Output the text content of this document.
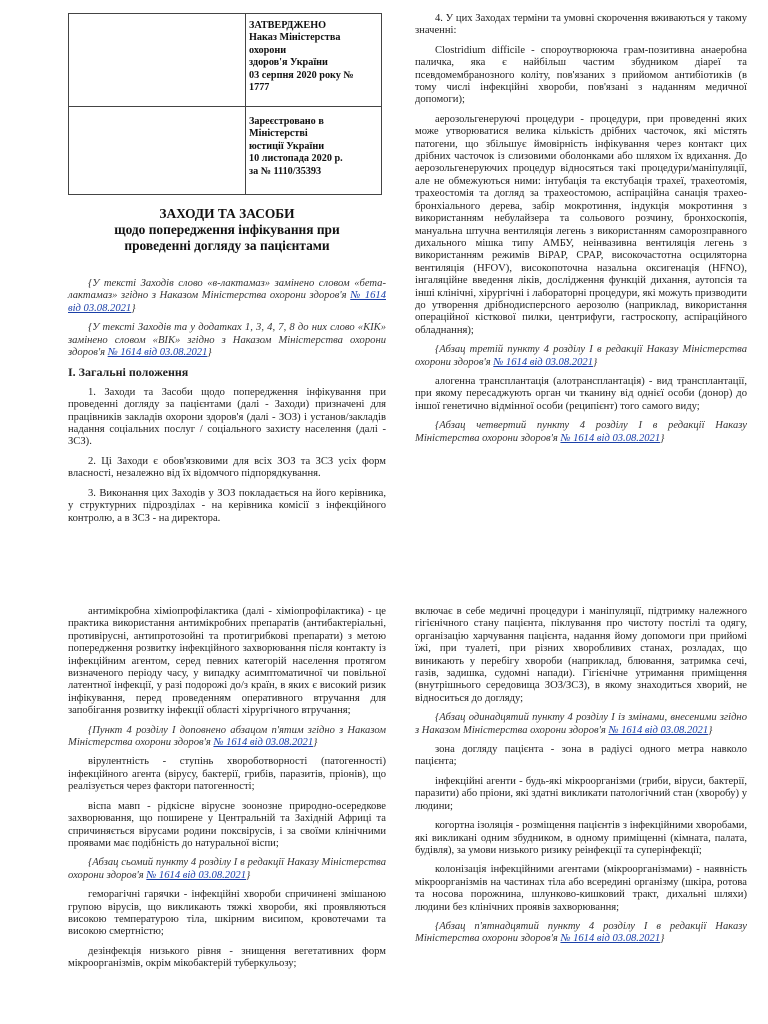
ЗАТВЕРДЖЕНО
Наказ Міністерства охорони
здоров'я України
03 серпня 2020 року №
1777
Зареєстровано в
Міністерстві
юстиції України
10 листопада 2020 р.
за № 1110/35393
ЗАХОДИ ТА ЗАСОБИ
щодо попередження інфікування при
проведенні догляду за пацієнтами

{У тексті Заходів слово «в-лактамаз» замінено словом «бета-лактамаз» згідно з Наказом Міністерства охорони здоров'я № 1614 від 03.08.2021}

{У тексті Заходів та у додатках 1, 3, 4, 7, 8 до них слово «КІК» замінено словом «ВІК» згідно з Наказом Міністерства охорони здоров'я № 1614 від 03.08.2021}

I. Загальні положення

1. Заходи та Засоби щодо попередження інфікування при проведенні догляду за пацієнтами (далі - Заходи) призначені для працівників закладів охорони здоров'я (далі - ЗОЗ) і установ/закладів надання соціальних послуг / соціального захисту населення (далі - ЗСЗ).

2. Ці Заходи є обов'язковими для всіх ЗОЗ та ЗСЗ усіх форм власності, незалежно від їх відомчого підпорядкування.

3. Виконання цих Заходів у ЗОЗ покладається на його керівника, у структурних підрозділах - на керівника комісії з інфекційного контролю, а в ЗСЗ - на директора.

4. У цих Заходах терміни та умовні скорочення вживаються у такому значенні:

Clostridium difficile - спороутворююча грам-позитивна анаеробна паличка, яка є найбільш частим збудником діареї та псевдомембранозного коліту, пов'язаних з прийомом антибіотиків (в тому числі інфекційні хвороби, пов'язані з наданням медичної допомоги);

аерозольгенеруючі процедури - процедури, при проведенні яких може утворюватися велика кількість дрібних часточок, які містять патогени, що збільшує ймовірність інфікування через контакт цих дрібних часточок із слизовими оболонками або шляхом їх вдихання. До аерозольгенеруючих процедур відносяться такі процедури/маніпуляції, але не обмежуються ними: інтубація та екстубація трахеї, трахеотомія, трахеостомія та догляд за трахеостомою, аспіраційна санація трахео-бронхіального дерева, забір мокротиння, індукція мокротиння з використанням небулайзера та сольового розчину, бронхоскопія, мануальна штучна вентиляція легень з використанням саморозправного дихального мішка типу АМБУ, неінвазивна вентиляція легень з використанням режимів BiPAP, CPAP, високочастотна осциляторна вентиляція (HFOV), високопоточна назальна оксигенація (HFNO), інгаляційне введення ліків, дослідження функцій дихання, аутопсія та інші клінічні, хірургічні і лабораторні процедури, які можуть призводити до утворення дрібнодисперсного аерозолю (наприклад, використання операційної кісткової пилки, центрифуги, гастроскопу, аспіраційного обладнання);

{Абзац третій пункту 4 розділу I в редакції Наказу Міністерства охорони здоров'я № 1614 від 03.08.2021}

алогенна трансплантація (алотрансплантація) - вид трансплантації, при якому пересаджують орган чи тканину від однієї особи (донор) до іншої генетично відмінної особи (реципієнт) того самого виду;

{Абзац четвертий пункту 4 розділу I в редакції Наказу Міністерства охорони здоров'я № 1614 від 03.08.2021}

антимікробна хіміопрофілактика (далі - хіміопрофілактика) - це практика використання антимікробних препаратів (антибактеріальні, противірусні, антипротозойні та протигрибкові препарати) з метою попередження розвитку інфекційного захворювання після контакту із інфекційним агентом, серед певних категорій населення протягом визначеного періоду часу, у випадку асимптоматичної чи повільної латентної інфекції, у разі подорожі до/з країн, в яких є високий ризик інфікування, перед проведенням оперативного втручання для запобігання розвитку інфекції області хірургічного втручання;

{Пункт 4 розділу I доповнено абзацом п'ятим згідно з Наказом Міністерства охорони здоров'я № 1614 від 03.08.2021}

вірулентність - ступінь хвороботворності (патогенності) інфекційного агента (вірусу, бактерії, грибів, паразитів, пріонів), що реалізується через фактори патогенності;

віспа мавп - рідкісне вірусне зоонозне природно-осередкове захворювання, що поширене у Центральній та Західній Африці та спричиняється вірусами родини поксвірусів, і за своїми клінічними проявами має подібність до натуральної віспи;

{Абзац сьомий пункту 4 розділу I в редакції Наказу Міністерства охорони здоров'я № 1614 від 03.08.2021}

геморагічні гарячки - інфекційні хвороби спричинені змішаною групою вірусів, що викликають тяжкі хвороби, які проявляються високою температурою тіла, шкірним висипом, кровотечами та високою смертністю;

дезінфекція низького рівня - знищення вегетативних форм мікроорганізмів, окрім мікобактерій туберкульозу;

включає в себе медичні процедури і маніпуляції, підтримку належного гігієнічного стану пацієнта, піклування про чистоту постілі та одягу, організацію харчування пацієнта, надання йому допомоги при прийомі їжі, при туалеті, при різних хворобливих станах, розладах, що виникають у перебігу хвороби (наприклад, блювання, затримка сечі, газів, задишка, судомні напади). Гігієнічне утримання приміщення (внутрішнього середовища ЗОЗ/ЗСЗ), в якому знаходиться хворий, не відноситься до догляду;

{Абзац одинадцятий пункту 4 розділу I із змінами, внесеними згідно з Наказом Міністерства охорони здоров'я № 1614 від 03.08.2021}

зона догляду пацієнта - зона в радіусі одного метра навколо пацієнта;

інфекційні агенти - будь-які мікроорганізми (гриби, віруси, бактерії, паразити) або пріони, які здатні викликати патологічний стан (хворобу) у людини;

когортна ізоляція - розміщення пацієнтів з інфекційними хворобами, які викликані одним збудником, в одному приміщенні (кімната, палата, будівля), за умови низького ризику реінфекції та суперінфекції;

колонізація інфекційними агентами (мікроорганізмами) - наявність мікроорганізмів на частинах тіла або всередині організму (шкіра, ротова та носова порожнина, шлунково-кишковий тракт, дихальні шляхи) людини без клінічних проявів захворювання;

{Абзац п'ятнадцятий пункту 4 розділу I в редакції Наказу Міністерства охорони здоров'я № 1614 від 03.08.2021}
